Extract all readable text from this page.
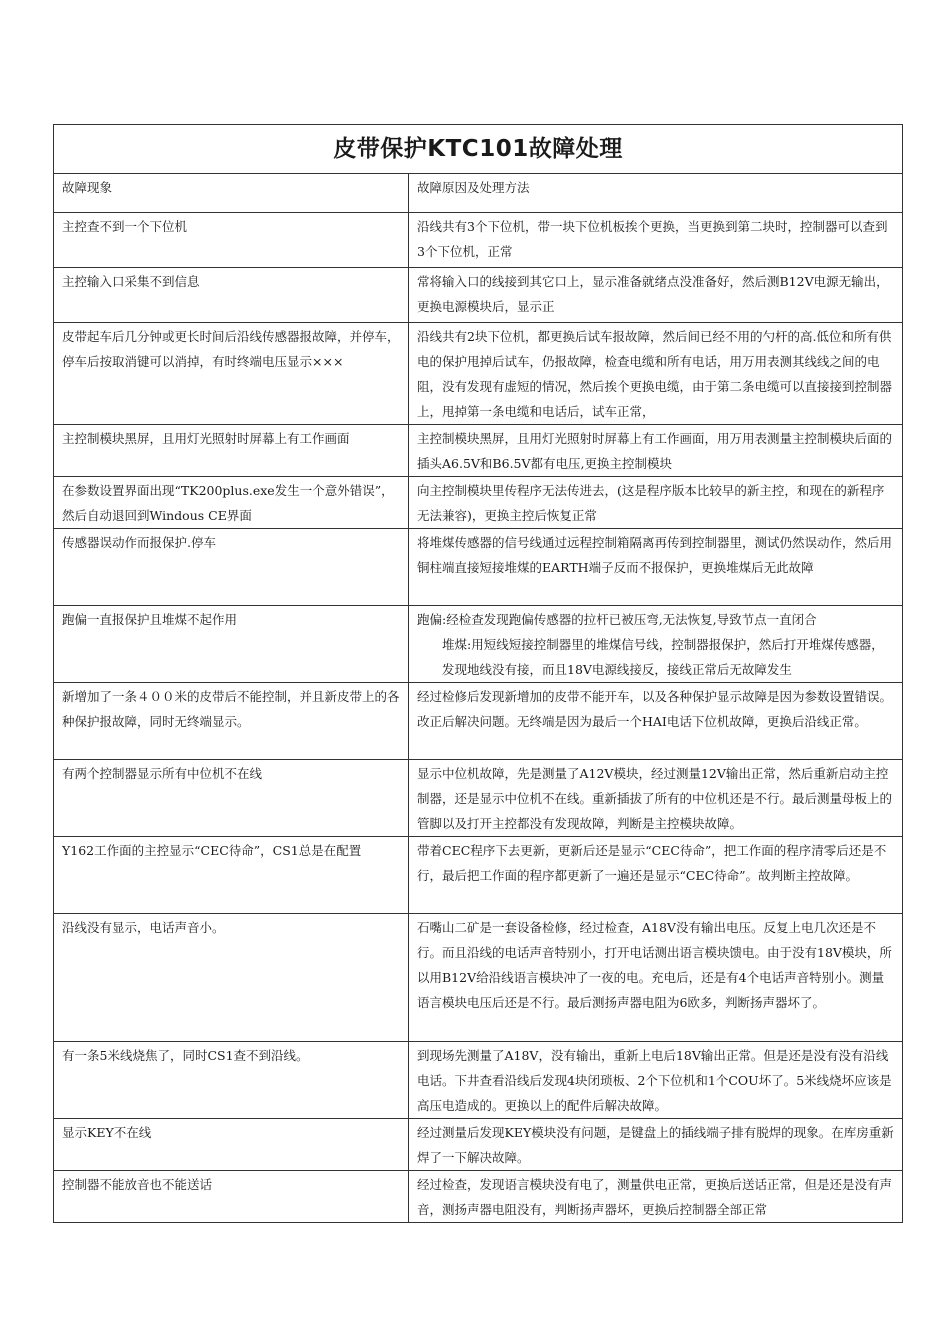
皮带保护KTC101故障处理	
故障现象	故障原因及处理方法
主控查不到一个下位机	沿线共有3个下位机，带一块下位机板挨个更换，当更换到第二块时，控制器可以查到3个下位机，正常
主控输入口采集不到信息	常将输入口的线接到其它口上，显示准备就绪点没准备好，然后测B12V电源无输出，更换电源模块后，显示正
皮带起车后几分钟或更长时间后沿线传感器报故障，并停车，停车后按取消键可以消掉，有时终端电压显示×××	沿线共有2块下位机，都更换后试车报故障，然后间已经不用的勺杆的高.低位和所有供电的保护甩掉后试车，仍报故障，检查电缆和所有电话，用万用表测其线线之间的电阻，没有发现有虚短的情况，然后挨个更换电缆，由于第二条电缆可以直接接到控制器上，甩掉第一条电缆和电话后，试车正常，
主控制模块黑屏，且用灯光照射时屏幕上有工作画面	主控制模块黑屏，且用灯光照射时屏幕上有工作画面，用万用表测量主控制模块后面的插头A6.5V和B6.5V都有电压,更换主控制模块
在参数设置界面出现“TK200plus.exe发生一个意外错误”，然后自动退回到Windous CE界面	向主控制模块里传程序无法传进去，(这是程序版本比较早的新主控，和现在的新程序无法兼容)，更换主控后恢复正常
传感器误动作而报保护.停车	将堆煤传感器的信号线通过远程控制箱隔离再传到控制器里，测试仍然误动作，然后用铜柱端直接短接堆煤的EARTH端子反而不报保护，更换堆煤后无此故障
跑偏一直报保护且堆煤不起作用	跑偏:经检查发现跑偏传感器的拉杆已被压弯,无法恢复,导致节点一直闭合
堆煤:用短线短接控制器里的堆煤信号线，控制器报保护，然后打开堆煤传感器，发现地线没有接，而且18V电源线接反，接线正常后无故障发生

新增加了一条４００米的皮带后不能控制，并且新皮带上的各种保护报故障，同时无终端显示。	经过检修后发现新增加的皮带不能开车，以及各种保护显示故障是因为参数设置错误。改正后解决问题。无终端是因为最后一个HAI电话下位机故障，更换后沿线正常。
有两个控制器显示所有中位机不在线	显示中位机故障，先是测量了A12V模块，经过测量12V输出正常，然后重新启动主控制器，还是显示中位机不在线。重新插拔了所有的中位机还是不行。最后测量母板上的管脚以及打开主控都没有发现故障，判断是主控模块故障。
Y162工作面的主控显示“CEC待命”，CS1总是在配置	带着CEC程序下去更新，更新后还是显示“CEC待命”，把工作面的程序清零后还是不行，最后把工作面的程序都更新了一遍还是显示“CEC待命”。故判断主控故障。
沿线没有显示，电话声音小。	石嘴山二矿是一套设备检修，经过检查，A18V没有输出电压。反复上电几次还是不行。而且沿线的电话声音特别小，打开电话测出语言模块馈电。由于没有18V模块，所以用B12V给沿线语言模块冲了一夜的电。充电后，还是有4个电话声音特别小。测量语言模块电压后还是不行。最后测扬声器电阻为6欧多，判断扬声器坏了。
有一条5米线烧焦了，同时CS1查不到沿线。	到现场先测量了A18V，没有输出，重新上电后18V输出正常。但是还是没有没有沿线电话。下井查看沿线后发现4块闭琐板、2个下位机和1个COU坏了。5米线烧坏应该是高压电造成的。更换以上的配件后解决故障。
显示KEY不在线	经过测量后发现KEY模块没有问题，是键盘上的插线端子排有脱焊的现象。在库房重新焊了一下解决故障。
控制器不能放音也不能送话	经过检查，发现语言模块没有电了，测量供电正常，更换后送话正常，但是还是没有声音，测扬声器电阻没有，判断扬声器坏，更换后控制器全部正常
